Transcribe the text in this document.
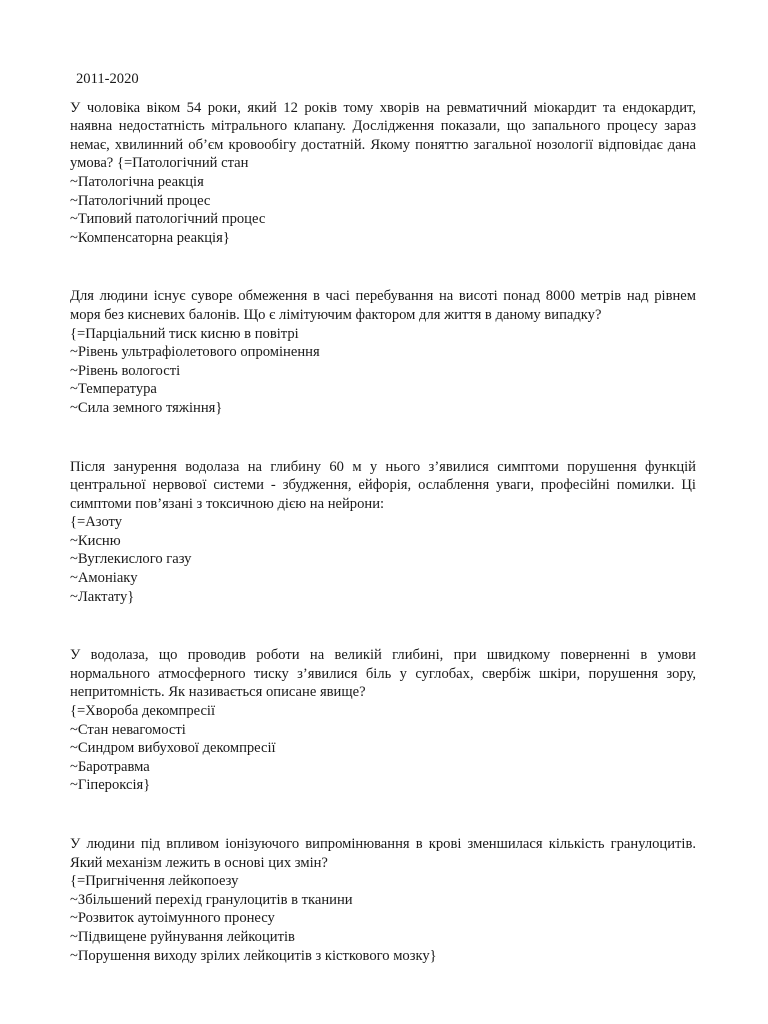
2011-2020

У чоловіка віком 54 роки, який 12 років тому хворів на ревматичний міокардит та ендокардит, наявна недостатність мітрального клапану. Дослідження показали, що запального процесу зараз немає, хвилинний об’єм кровообігу достатній. Якому поняттю загальної нозології відповідає дана умова? {=Патологічний стан

~Патологічна реакція
~Патологічний процес
~Типовий патологічний процес
~Компенсаторна реакція}

Для людини існує суворе обмеження в часі перебування на висоті понад 8000 метрів над рівнем моря без кисневих балонів. Що є лімітуючим фактором для життя в даному випадку?

{=Парціальний тиск кисню в повітрі
~Рівень ультрафіолетового опромінення
~Рівень вологості
~Температура
~Сила земного тяжіння}

Після занурення водолаза на глибину 60 м у нього з’явилися симптоми порушення функцій центральної нервової системи - збудження, ейфорія, ослаблення уваги, професійні помилки. Ці симптоми пов’язані з токсичною дією на нейрони:

{=Азоту
~Кисню
~Вуглекислого газу
~Амоніаку
~Лактату}

У водолаза, що проводив роботи на великій глибині, при швидкому поверненні в умови нормального атмосферного тиску з’явилися біль у суглобах, свербіж шкіри, порушення зору, непритомність. Як називається описане явище?

{=Хвороба декомпресії
~Стан невагомості
~Синдром вибухової декомпресії
~Баротравма
~Гіпероксія}

У людини під впливом іонізуючого випромінювання в крові зменшилася кількість гранулоцитів. Який механізм лежить в основі цих змін?

{=Пригнічення лейкопоезу
~Збільшений перехід гранулоцитів в тканини
~Розвиток аутоімунного пронесу
~Підвищене руйнування лейкоцитів
~Порушення виходу зрілих лейкоцитів з кісткового мозку}
